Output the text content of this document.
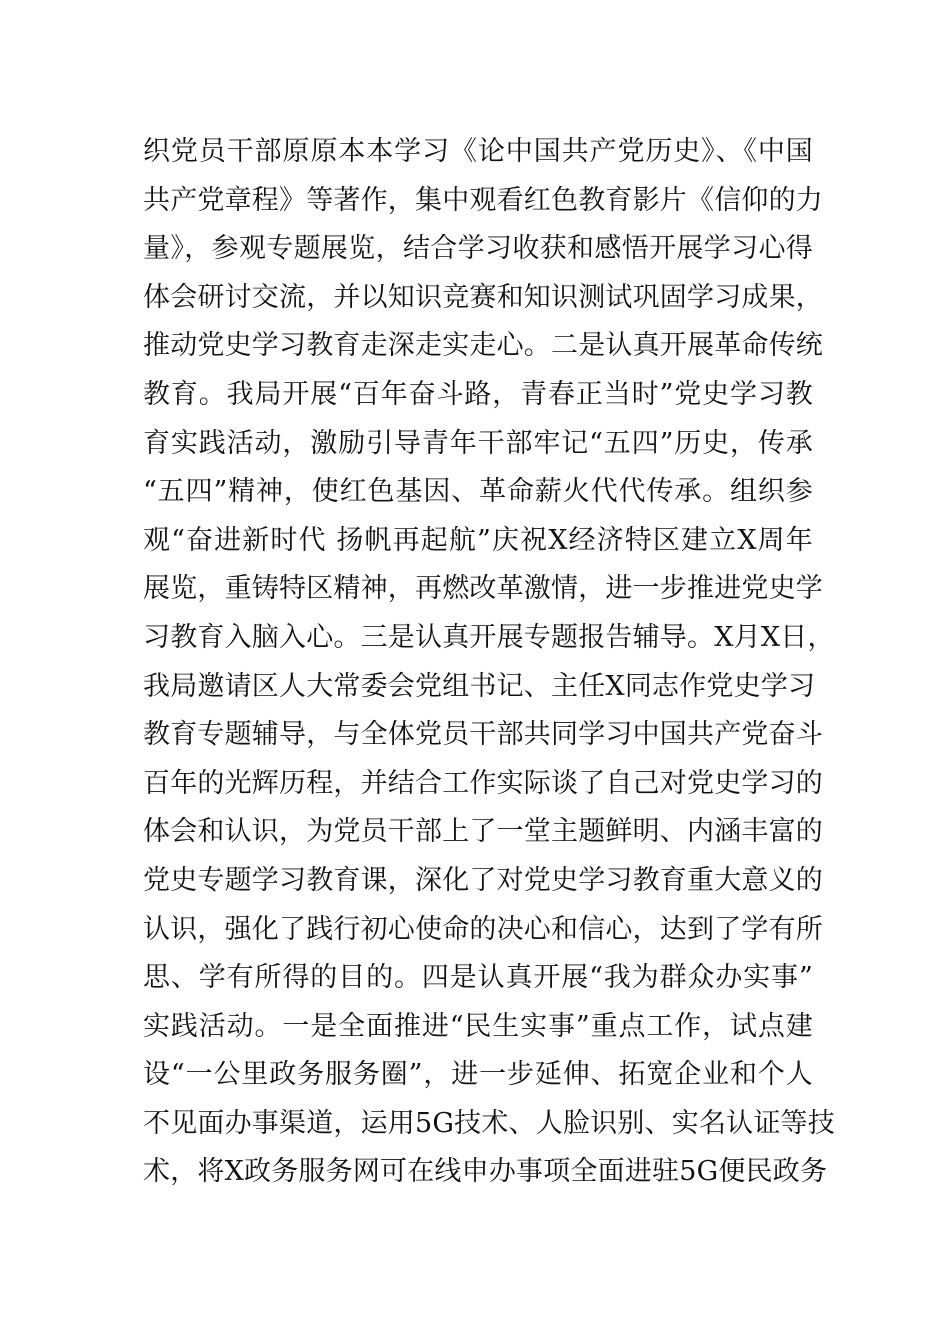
织党员干部原原本本学习《论中国共产党历史》、《中国
共产党章程》等著作，集中观看红色教育影片《信仰的力
量》，参观专题展览，结合学习收获和感悟开展学习心得
体会研讨交流，并以知识竞赛和知识测试巩固学习成果，
推动党史学习教育走深走实走心。二是认真开展革命传统
教育。我局开展“百年奋斗路，青春正当时”党史学习教
育实践活动，激励引导青年干部牢记“五四”历史，传承
“五四”精神，使红色基因、革命薪火代代传承。组织参
观“奋进新时代 扬帆再起航”庆祝X经济特区建立X周年
展览，重铸特区精神，再燃改革激情，进一步推进党史学
习教育入脑入心。三是认真开展专题报告辅导。X月X日，
我局邀请区人大常委会党组书记、主任X同志作党史学习
教育专题辅导，与全体党员干部共同学习中国共产党奋斗
百年的光辉历程，并结合工作实际谈了自己对党史学习的
体会和认识，为党员干部上了一堂主题鲜明、内涵丰富的
党史专题学习教育课，深化了对党史学习教育重大意义的
认识，强化了践行初心使命的决心和信心，达到了学有所
思、学有所得的目的。四是认真开展“我为群众办实事”
实践活动。一是全面推进“民生实事”重点工作，试点建
设“一公里政务服务圈”，进一步延伸、拓宽企业和个人
不见面办事渠道，运用5G技术、人脸识别、实名认证等技
术，将X政务服务网可在线申办事项全面进驻5G便民政务
